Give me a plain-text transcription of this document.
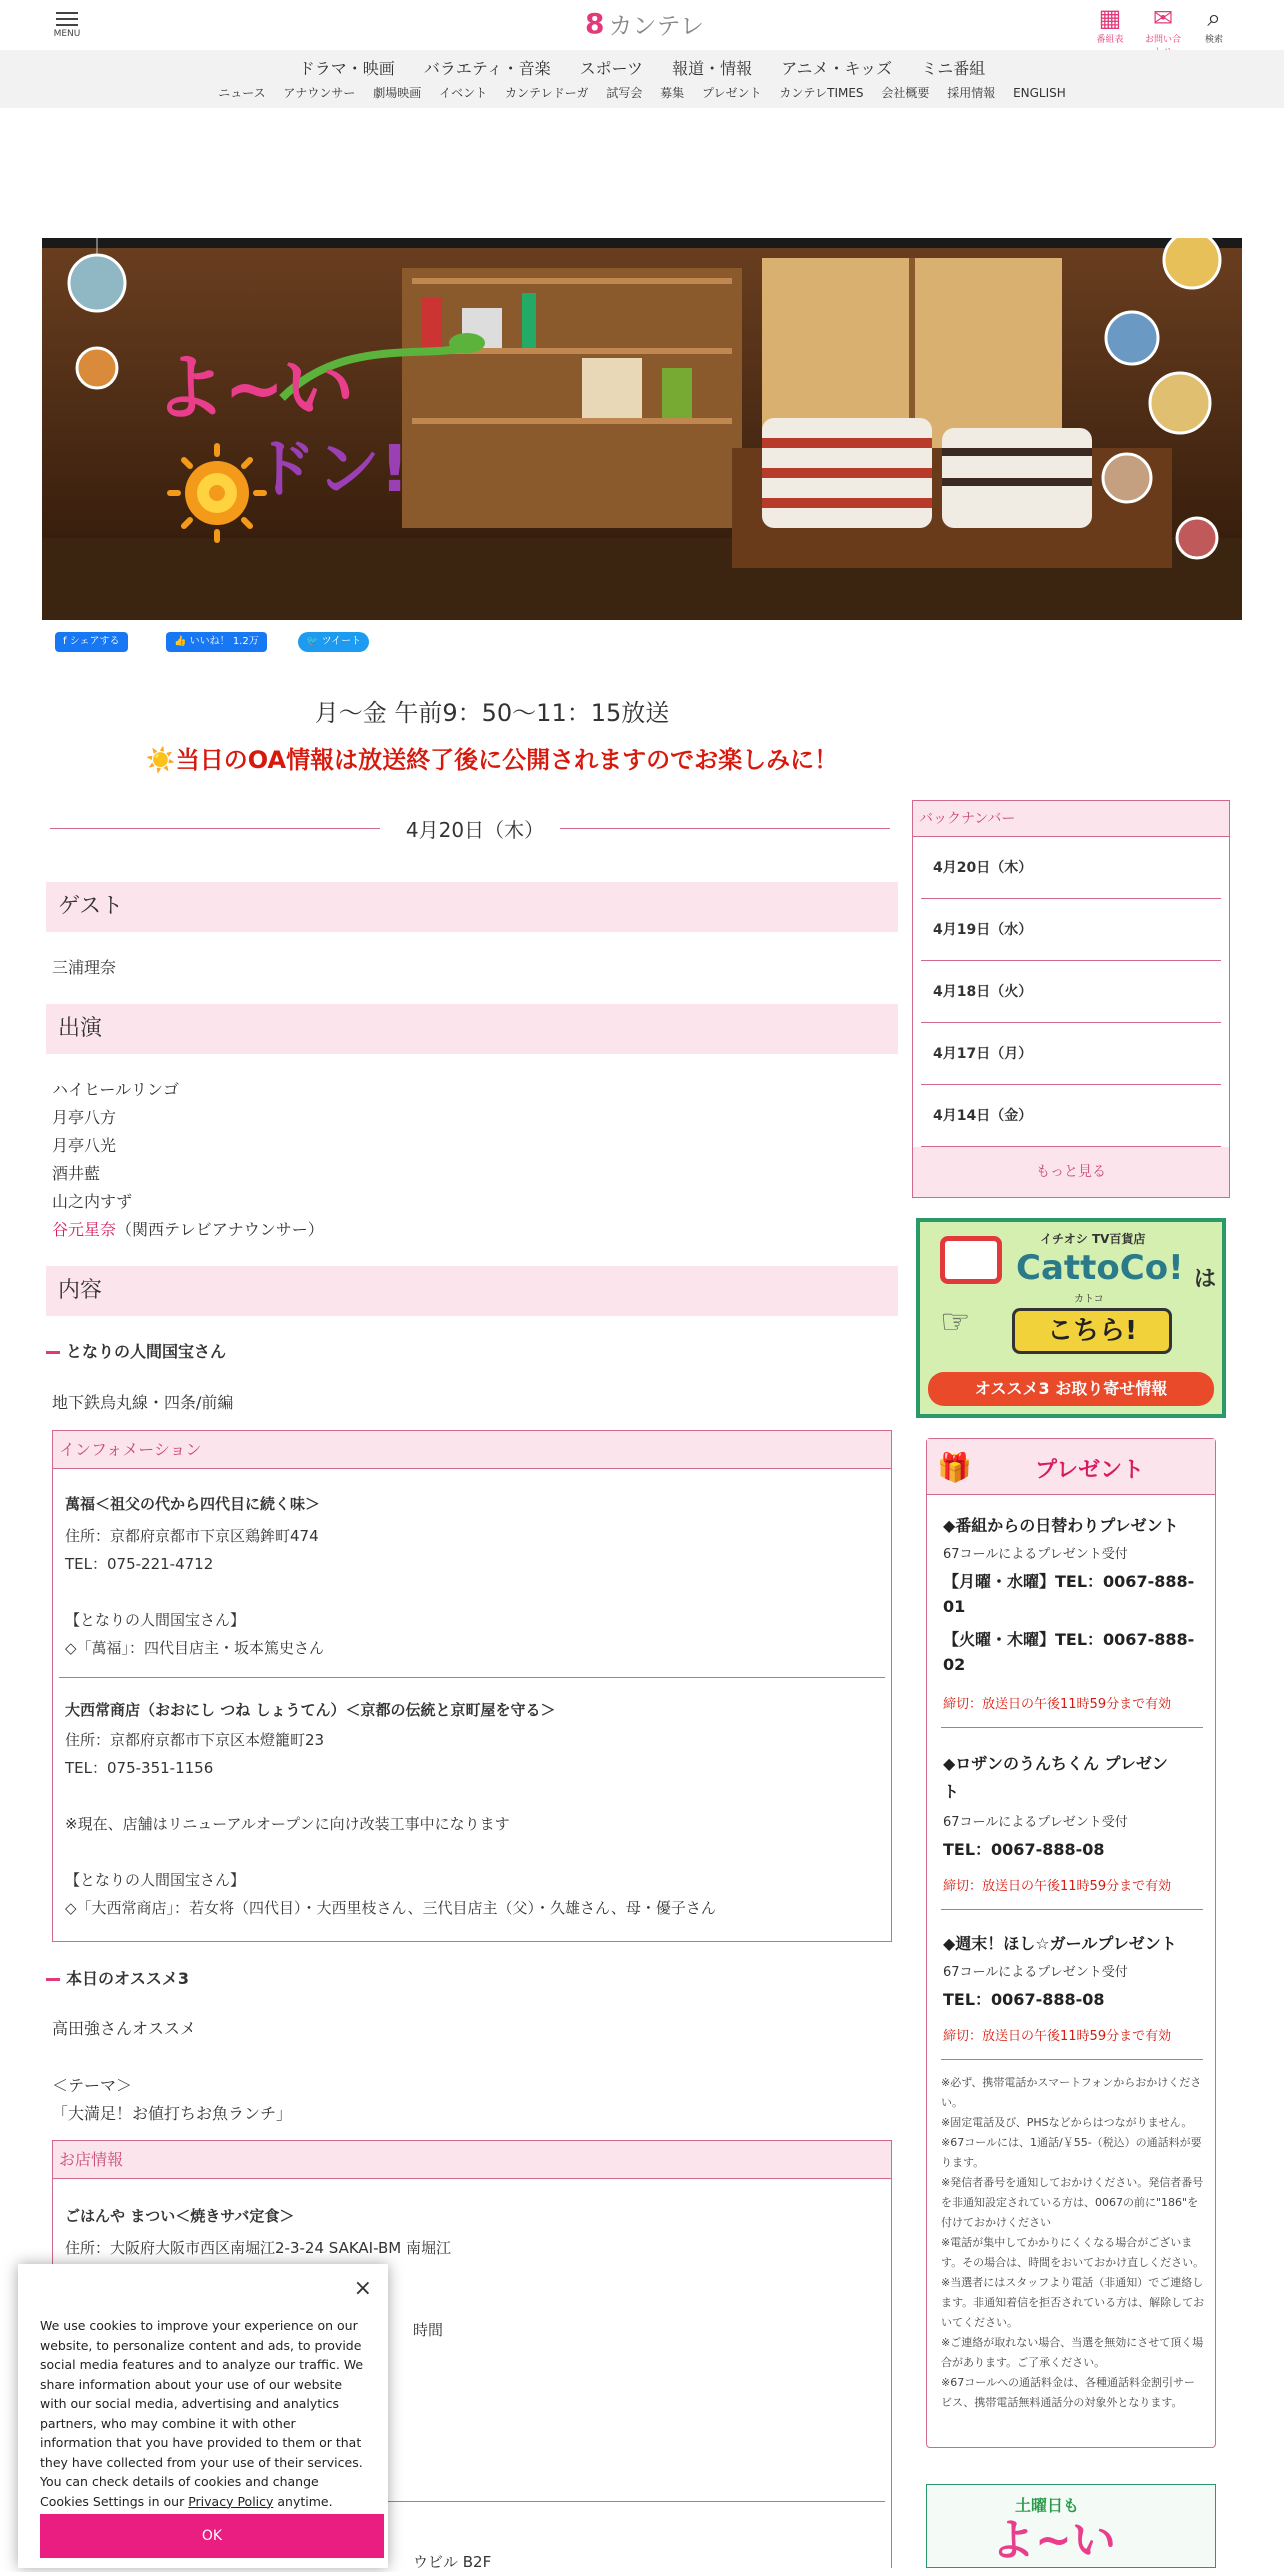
MENU	8 カンテレ	▦
番組表
✉
お問い合
⌕
検索
ドラマ・映画 バラエティ・音楽 スポーツ 報道・情報 アニメ・キッズ ミニ番組
ニュース アナウンサー 劇場映画 イベント カンテレドーガ 試写会 募集 プレゼント カンテレTIMES 会社概要 採用情報 ENGLISH
よ~い
ドン!
f シェアする	👍 いいね！ 1.2万	🐦 ツイート
月～金 午前9：50～11：15放送
☀️当日のOA情報は放送終了後に公開されますのでお楽しみに！
4月20日（木）
ゲスト
三浦理奈
出演
ハイヒールリンゴ
月亭八方
月亭八光
酒井藍
山之内すず
谷元星奈（関西テレビアナウンサー）
内容
となりの人間国宝さん
地下鉄烏丸線・四条/前編
インフォメーション
萬福＜祖父の代から四代目に続く味＞
住所：京都府京都市下京区鶏鉾町474
TEL：075-221-4712
【となりの人間国宝さん】
◇「萬福」：四代目店主・坂本篤史さん
大西常商店（おおにし つね しょうてん）＜京都の伝統と京町屋を守る＞
住所：京都府京都市下京区本燈籠町23
TEL：075-351-1156
※現在、店舗はリニューアルオープンに向け改装工事中になります
【となりの人間国宝さん】
◇「大西常商店」：若女将（四代目）・大西里枝さん、三代目店主（父）・久雄さん、母・優子さん
本日のオススメ3
高田強さんオススメ
＜テーマ＞
「大満足！お値打ちお魚ランチ」
お店情報
ごはんや まつい＜焼きサバ定食＞
住所：大阪府大阪市西区南堀江2-3-24 SAKAI-BM 南堀江
時間
ウビル B2F
バックナンバー
4月20日（木）
4月19日（水）
4月18日（火）
4月17日（月）
4月14日（金）
もっと見る
イチオシ TV百貨店
CattoCo! は
カトコ
☞	こちら!
オススメ3 お取り寄せ情報
🎁	プレゼント
◆番組からの日替わりプレゼント
67コールによるプレゼント受付
【月曜・水曜】TEL：0067-888-
01
【火曜・木曜】TEL：0067-888-
02
締切：放送日の午後11時59分まで有効
◆ロザンのうんちくん プレゼン
ト
67コールによるプレゼント受付
TEL：0067-888-08
締切：放送日の午後11時59分まで有効
◆週末！ほし☆ガールプレゼント
67コールによるプレゼント受付
TEL：0067-888-08
締切：放送日の午後11時59分まで有効
※必ず、携帯電話かスマートフォンからおかけください。
※固定電話及び、PHSなどからはつながりません。
※67コールには、1通話/￥55-（税込）の通話料が要ります。
※発信者番号を通知しておかけください。発信者番号を非通知設定されている方は、0067の前に"186"を付けておかけください
※電話が集中してかかりにくくなる場合がございます。その場合は、時間をおいておかけ直しください。
※当選者にはスタッフより電話（非通知）でご連絡します。非通知着信を拒否されている方は、解除しておいてください。
※ご連絡が取れない場合、当選を無効にさせて頂く場合があります。ご了承ください。
※67コールへの通話料金は、各種通話料金割引サービス、携帯電話無料通話分の対象外となります。
土曜日も
よ~い
×
We use cookies to improve your experience on our website, to personalize content and ads, to provide social media features and to analyze our traffic. We share information about your use of our website with our social media, advertising and analytics partners, who may combine it with other information that you have provided to them or that they have collected from your use of their services. You can check details of cookies and change Cookies Settings in our Privacy Policy anytime.
OK
